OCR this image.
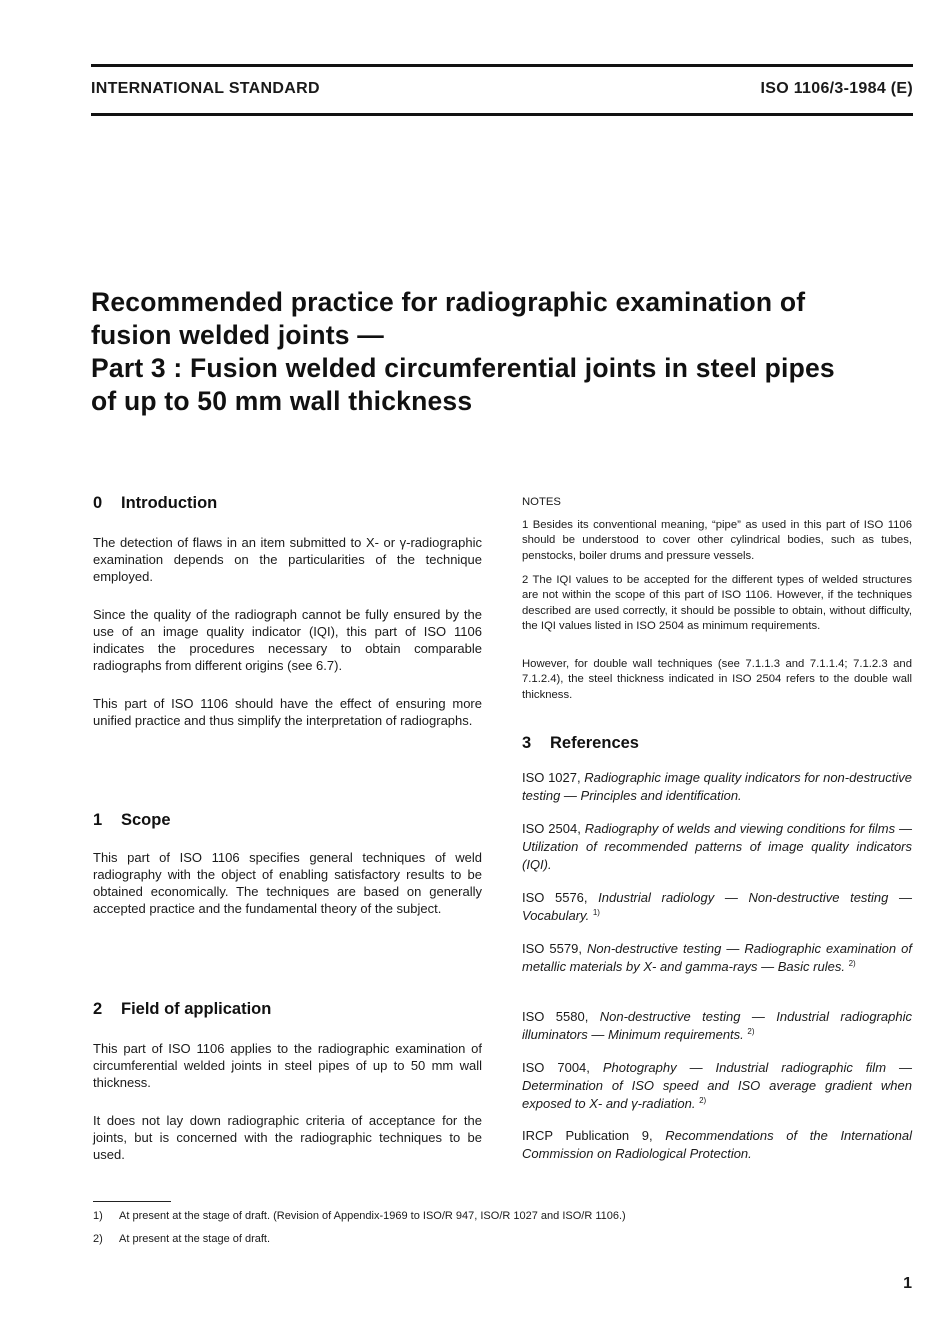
INTERNATIONAL STANDARD	ISO 1106/3-1984 (E)
Recommended practice for radiographic examination of
fusion welded joints —
Part 3 : Fusion welded circumferential joints in steel pipes
of up to 50 mm wall thickness
0 Introduction
The detection of flaws in an item submitted to X- or γ-radiographic examination depends on the particularities of the technique employed.
Since the quality of the radiograph cannot be fully ensured by the use of an image quality indicator (IQI), this part of ISO 1106 indicates the procedures necessary to obtain comparable radiographs from different origins (see 6.7).
This part of ISO 1106 should have the effect of ensuring more unified practice and thus simplify the interpretation of radiographs.
1 Scope
This part of ISO 1106 specifies general techniques of weld radiography with the object of enabling satisfactory results to be obtained economically. The techniques are based on generally accepted practice and the fundamental theory of the subject.
2 Field of application
This part of ISO 1106 applies to the radiographic examination of circumferential welded joints in steel pipes of up to 50 mm wall thickness.
It does not lay down radiographic criteria of acceptance for the joints, but is concerned with the radiographic techniques to be used.
NOTES
1 Besides its conventional meaning, “pipe” as used in this part of ISO 1106 should be understood to cover other cylindrical bodies, such as tubes, penstocks, boiler drums and pressure vessels.
2 The IQI values to be accepted for the different types of welded structures are not within the scope of this part of ISO 1106. However, if the techniques described are used correctly, it should be possible to obtain, without difficulty, the IQI values listed in ISO 2504 as minimum requirements.
However, for double wall techniques (see 7.1.1.3 and 7.1.1.4; 7.1.2.3 and 7.1.2.4), the steel thickness indicated in ISO 2504 refers to the double wall thickness.
3 References
ISO 1027, Radiographic image quality indicators for non-destructive testing — Principles and identification.
ISO 2504, Radiography of welds and viewing conditions for films — Utilization of recommended patterns of image quality indicators (IQI).
ISO 5576, Industrial radiology — Non-destructive testing — Vocabulary. $^{1)}$
ISO 5579, Non-destructive testing — Radiographic examination of metallic materials by X- and gamma-rays — Basic rules. $^{2)}$
ISO 5580, Non-destructive testing — Industrial radiographic illuminators — Minimum requirements. $^{2)}$
ISO 7004, Photography — Industrial radiographic film — Determination of ISO speed and ISO average gradient when exposed to X- and γ-radiation. $^{2)}$
IRCP Publication 9, Recommendations of the International Commission on Radiological Protection.
1) At present at the stage of draft. (Revision of Appendix-1969 to ISO/R 947, ISO/R 1027 and ISO/R 1106.)
2) At present at the stage of draft.
1
